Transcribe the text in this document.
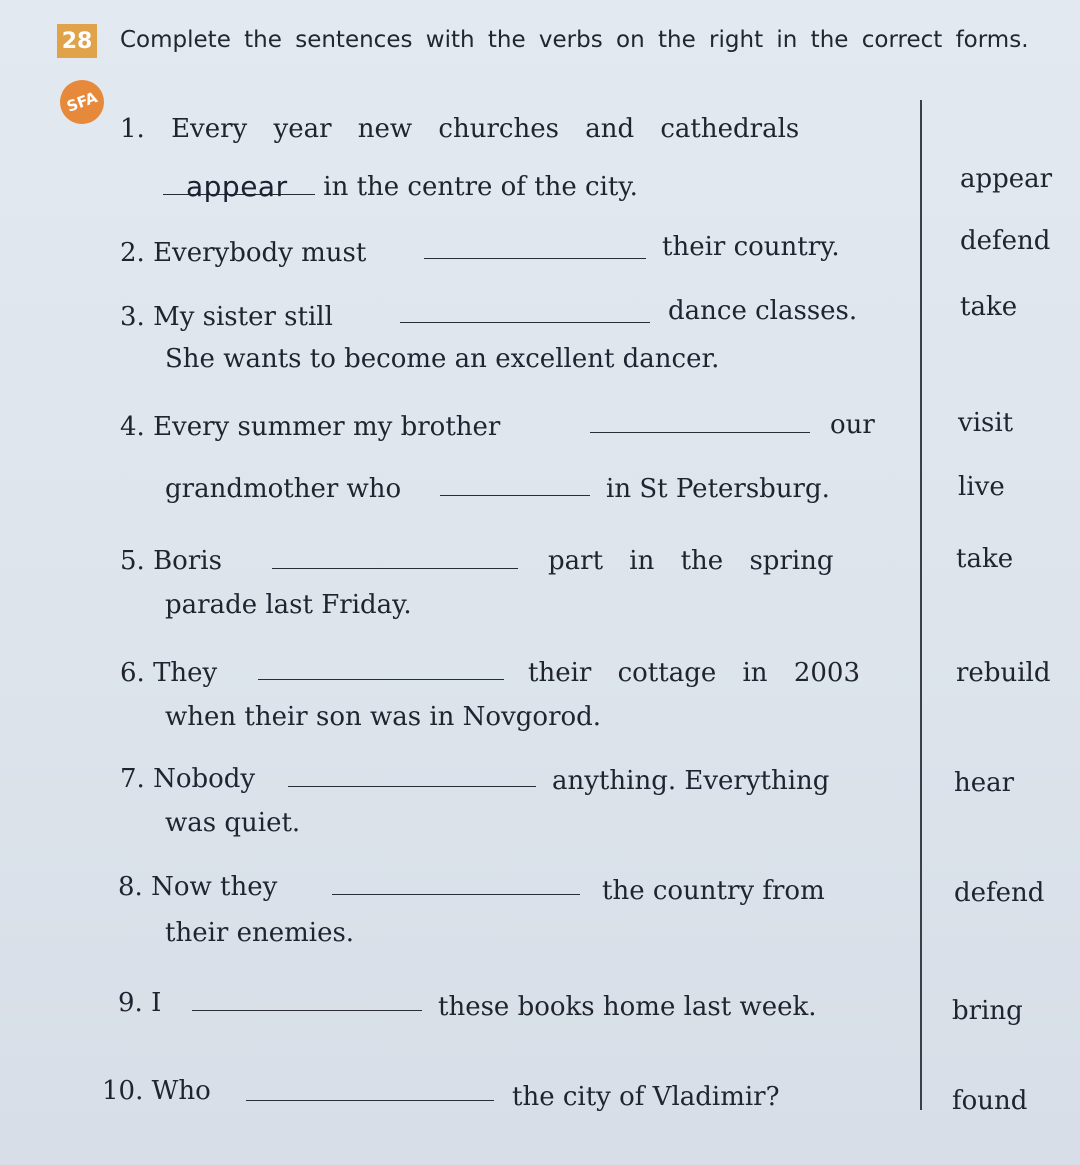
28 Complete the sentences with the verbs on the right in the correct forms.
SFA
1. Every year new churches and cathedrals
in the centre of the city.
appear
2. Everybody must	their country.
3. My sister still	dance classes.
She wants to become an excellent dancer.
4. Every summer my brother	our
grandmother who	in St Petersburg.
5. Boris	part in the spring
parade last Friday.
6. They	their cottage in 2003
when their son was in Novgorod.
7. Nobody	anything. Everything
was quiet.
8. Now they	the country from
their enemies.
9. I	these books home last week.
10. Who	the city of Vladimir?
appear
defend
take
visit
live
take
rebuild
hear
defend
bring
found
